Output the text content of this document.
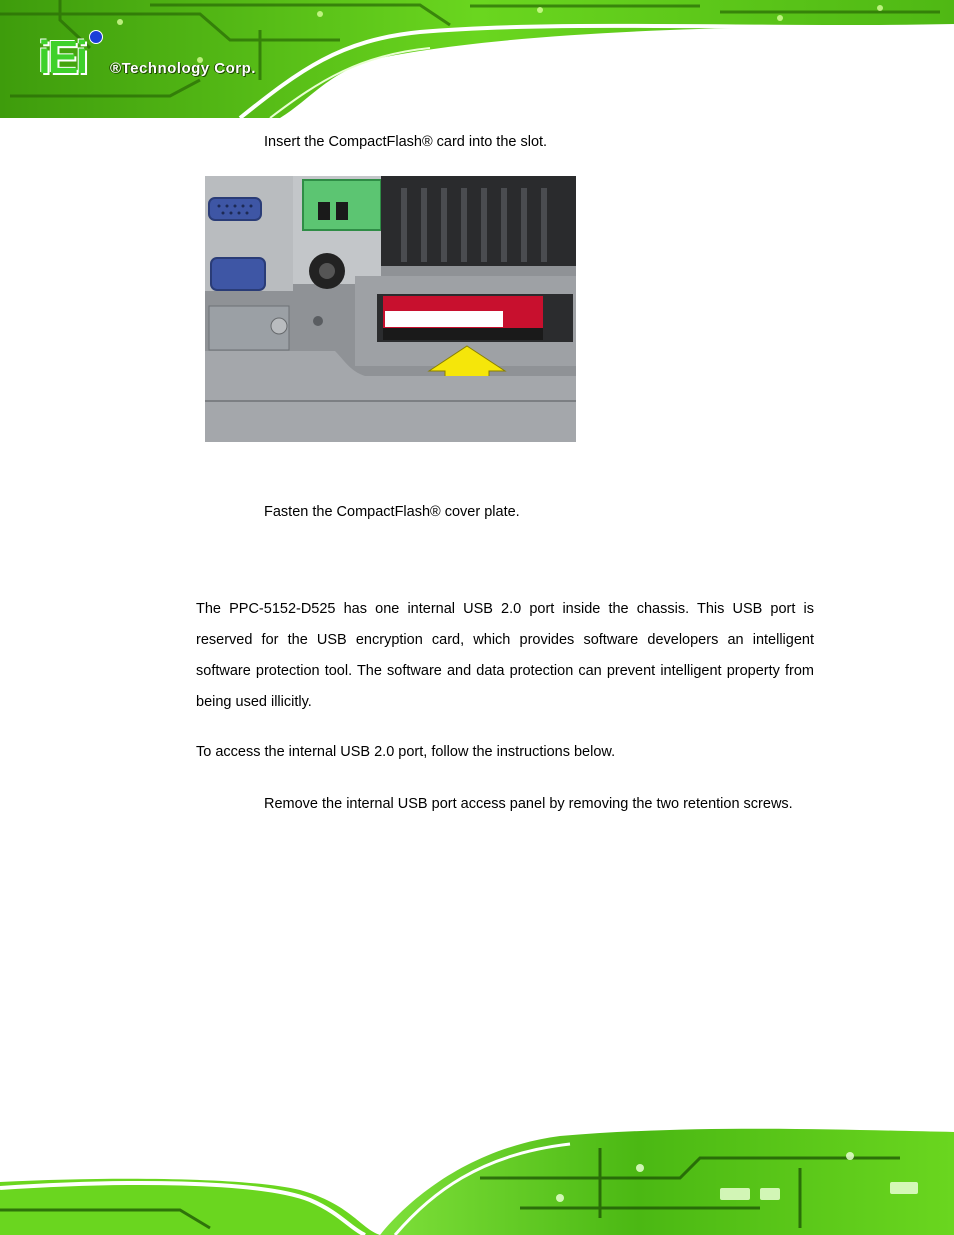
iEi ®Technology Corp.
Insert the CompactFlash® card into the slot.
Fasten the CompactFlash® cover plate.
The PPC-5152-D525 has one internal USB 2.0 port inside the chassis. This USB port is reserved for the USB encryption card, which provides software developers an intelligent software protection tool. The software and data protection can prevent intelligent property from being used illicitly.
To access the internal USB 2.0 port, follow the instructions below.
Remove the internal USB port access panel by removing the two retention screws.
